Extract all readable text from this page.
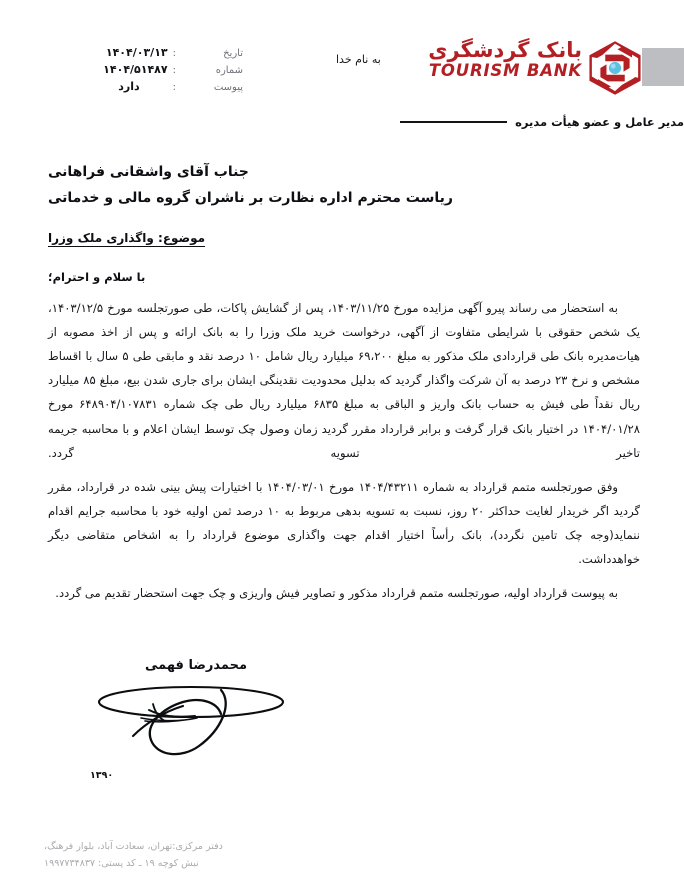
تاریخ
:
۱۴۰۴/۰۳/۱۳
شماره
:
۱۴۰۴/۵۱۴۸۷
پیوست
:
دارد
به نام خدا بانک گردشگری
TOURISM BANK
مدیر عامل و عضو هیأت مدیره
جناب آقای واشقانی فراهانی
ریاست محترم اداره نظارت بر ناشران گروه مالی و خدماتی
موضوع: واگذاری ملک وزرا
با سلام و احترام؛

به استحضار می رساند پیرو آگهی مزایده مورخ ۱۴۰۳/۱۱/۲۵، پس از گشایش پاکات، طی صورتجلسه مورخ ۱۴۰۳/۱۲/۵، یک شخص حقوقی با شرایطی متفاوت از آگهی، درخواست خرید ملک وزرا را به بانک ارائه و پس از اخذ مصوبه از هیات‌مدیره بانک طی قراردادی ملک مذکور به مبلغ ۶۹،۲۰۰ میلیارد ریال شامل ۱۰ درصد نقد و مابقی طی ۵ سال با اقساط مشخص و نرخ ۲۳ درصد به آن شرکت واگذار گردید که بدلیل محدودیت نقدینگی ایشان برای جاری شدن بیع، مبلغ ۸۵ میلیارد ریال نقداً طی فیش به حساب بانک واریز و الباقی به مبلغ ۶۸۳۵ میلیارد ریال طی چک شماره ۶۴۸۹۰۴/۱۰۷۸۳۱ مورخ ۱۴۰۴/۰۱/۲۸ در اختیار بانک قرار گرفت و برابر قرارداد مقرر گردید زمان وصول چک توسط ایشان اعلام و با محاسبه جریمه تاخیر تسویه گردد.

وفق صورتجلسه متمم قرارداد به شماره ۱۴۰۴/۴۳۲۱۱ مورخ ۱۴۰۴/۰۳/۰۱ با اختیارات پیش بینی شده در قرارداد، مقرر گردید اگر خریدار لغایت حداکثر ۲۰ روز، نسبت به تسویه بدهی مربوط به ۱۰ درصد ثمن اولیه خود با محاسبه جرایم اقدام ننماید(وجه چک تامین نگردد)، بانک رأساً اختیار اقدام جهت واگذاری موضوع قرارداد را به اشخاص متقاضی دیگر خواهدداشت.

به پیوست قرارداد اولیه، صورتجلسه متمم قرارداد مذکور و تصاویر فیش واریزی و چک جهت استحضار تقدیم می گردد.

محمدرضا فهمی
۱۳۹۰
دفتر مرکزی:تهران، سعادت آباد، بلوار فرهنگ،
نبش کوچه ۱۹ ـ کد پستی: ۱۹۹۷۷۳۴۸۳۷
